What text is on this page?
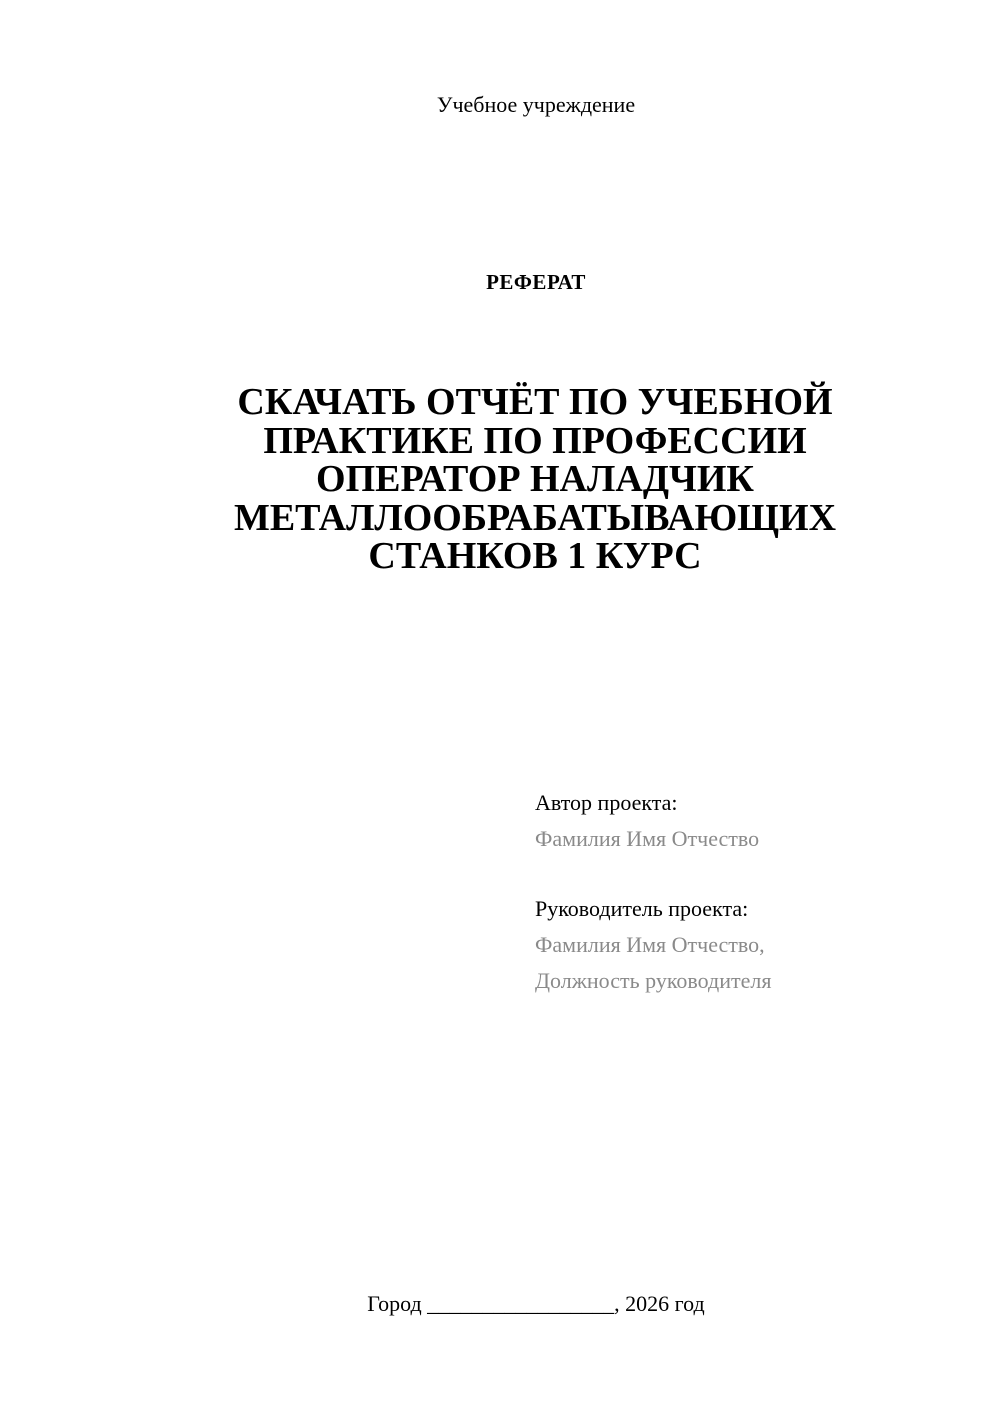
Учебное учреждение

РЕФЕРАТ

СКАЧАТЬ ОТЧЁТ ПО УЧЕБНОЙ
ПРАКТИКЕ ПО ПРОФЕССИИ
ОПЕРАТОР НАЛАДЧИК
МЕТАЛЛООБРАБАТЫВАЮЩИХ
СТАНКОВ 1 КУРС
Автор проекта:
Фамилия Имя Отчество
Руководитель проекта:
Фамилия Имя Отчество,
Должность руководителя

Город _________________, 2026 год
